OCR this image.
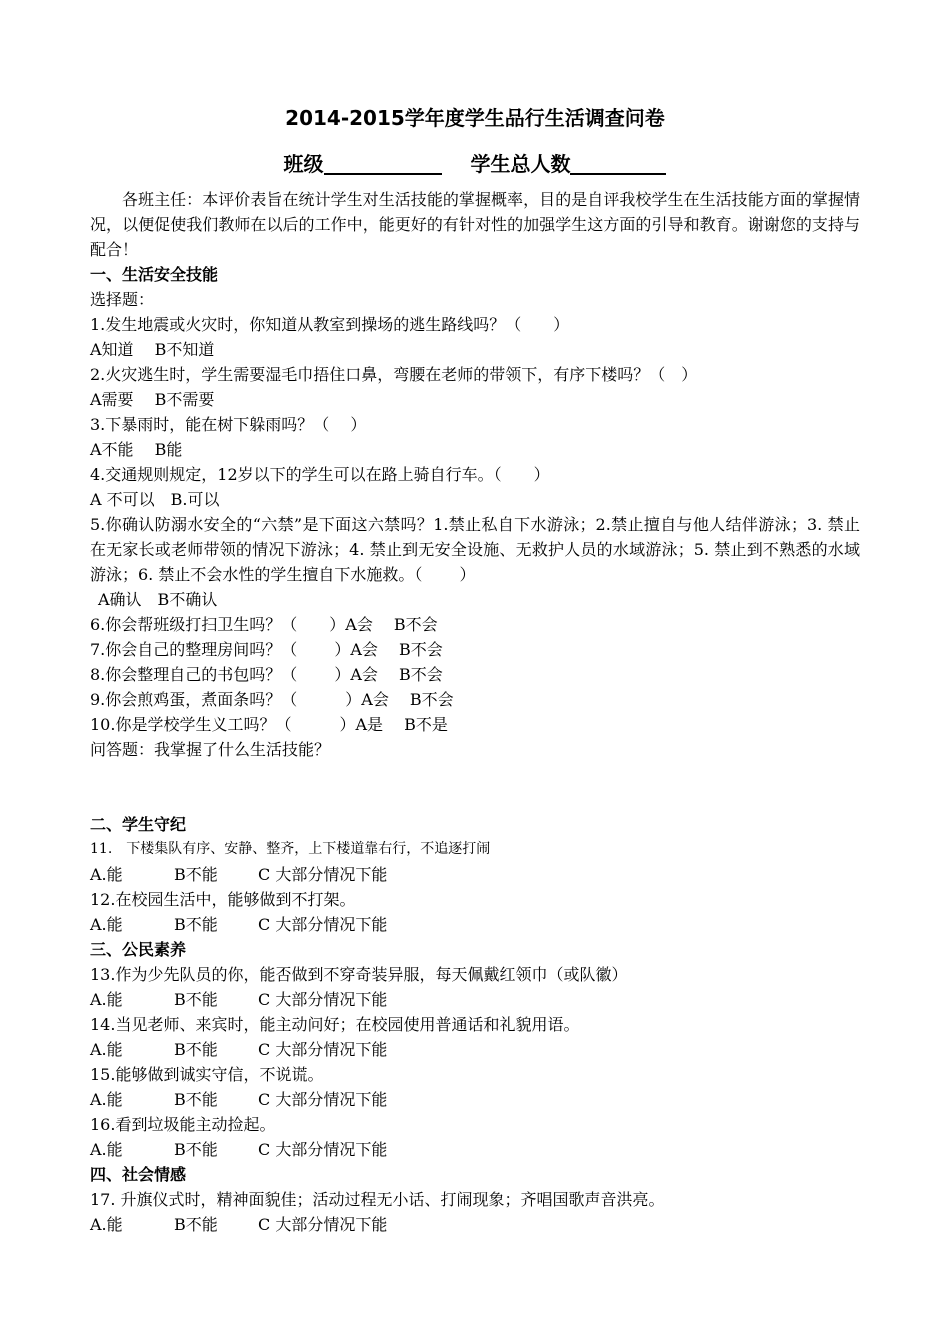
2014-2015学年度学生品行生活调查问卷
班级	学生总人数
各班主任：本评价表旨在统计学生对生活技能的掌握概率，目的是自评我校学生在生活技能方面的掌握情况，以便促使我们教师在以后的工作中，能更好的有针对性的加强学生这方面的引导和教育。谢谢您的支持与配合！
一、生活安全技能
选择题：
1.发生地震或火灾时，你知道从教室到操场的逃生路线吗？（　　）
A知道　 B不知道
2.火灾逃生时，学生需要湿毛巾捂住口鼻，弯腰在老师的带领下，有序下楼吗？（　）
A需要　 B不需要
3.下暴雨时，能在树下躲雨吗？（　 ）
A不能　 B能
4.交通规则规定，12岁以下的学生可以在路上骑自行车。（　　）
A 不可以　B.可以
5.你确认防溺水安全的“六禁”是下面这六禁吗？1.禁止私自下水游泳；2.禁止擅自与他人结伴游泳；3. 禁止在无家长或老师带领的情况下游泳；4. 禁止到无安全设施、无救护人员的水域游泳；5. 禁止到不熟悉的水域游泳；6. 禁止不会水性的学生擅自下水施救。（　　 ）
A确认　B不确认
6.你会帮班级打扫卫生吗？（　　）A会　 B不会
7.你会自己的整理房间吗？（　　 ）A会　 B不会
8.你会整理自己的书包吗？（　　 ）A会　 B不会
9.你会煎鸡蛋，煮面条吗？（　　　）A会　 B不会
10.你是学校学生义工吗？（　　　）A是　 B不是
问答题：我掌握了什么生活技能？
二、学生守纪
11.　下楼集队有序、安静、整齐，上下楼道靠右行，不追逐打闹
A.能	B不能	C 大部分情况下能
12.在校园生活中，能够做到不打架。
A.能	B不能	C 大部分情况下能
三、公民素养
13.作为少先队员的你，能否做到不穿奇装异服，每天佩戴红领巾（或队徽）
A.能	B不能	C 大部分情况下能
14.当见老师、来宾时，能主动问好；在校园使用普通话和礼貌用语。
A.能	B不能	C 大部分情况下能
15.能够做到诚实守信，不说谎。
A.能	B不能	C 大部分情况下能
16.看到垃圾能主动捡起。
A.能	B不能	C 大部分情况下能
四、社会情感
17. 升旗仪式时，精神面貌佳；活动过程无小话、打闹现象；齐唱国歌声音洪亮。
A.能	B不能	C 大部分情况下能
